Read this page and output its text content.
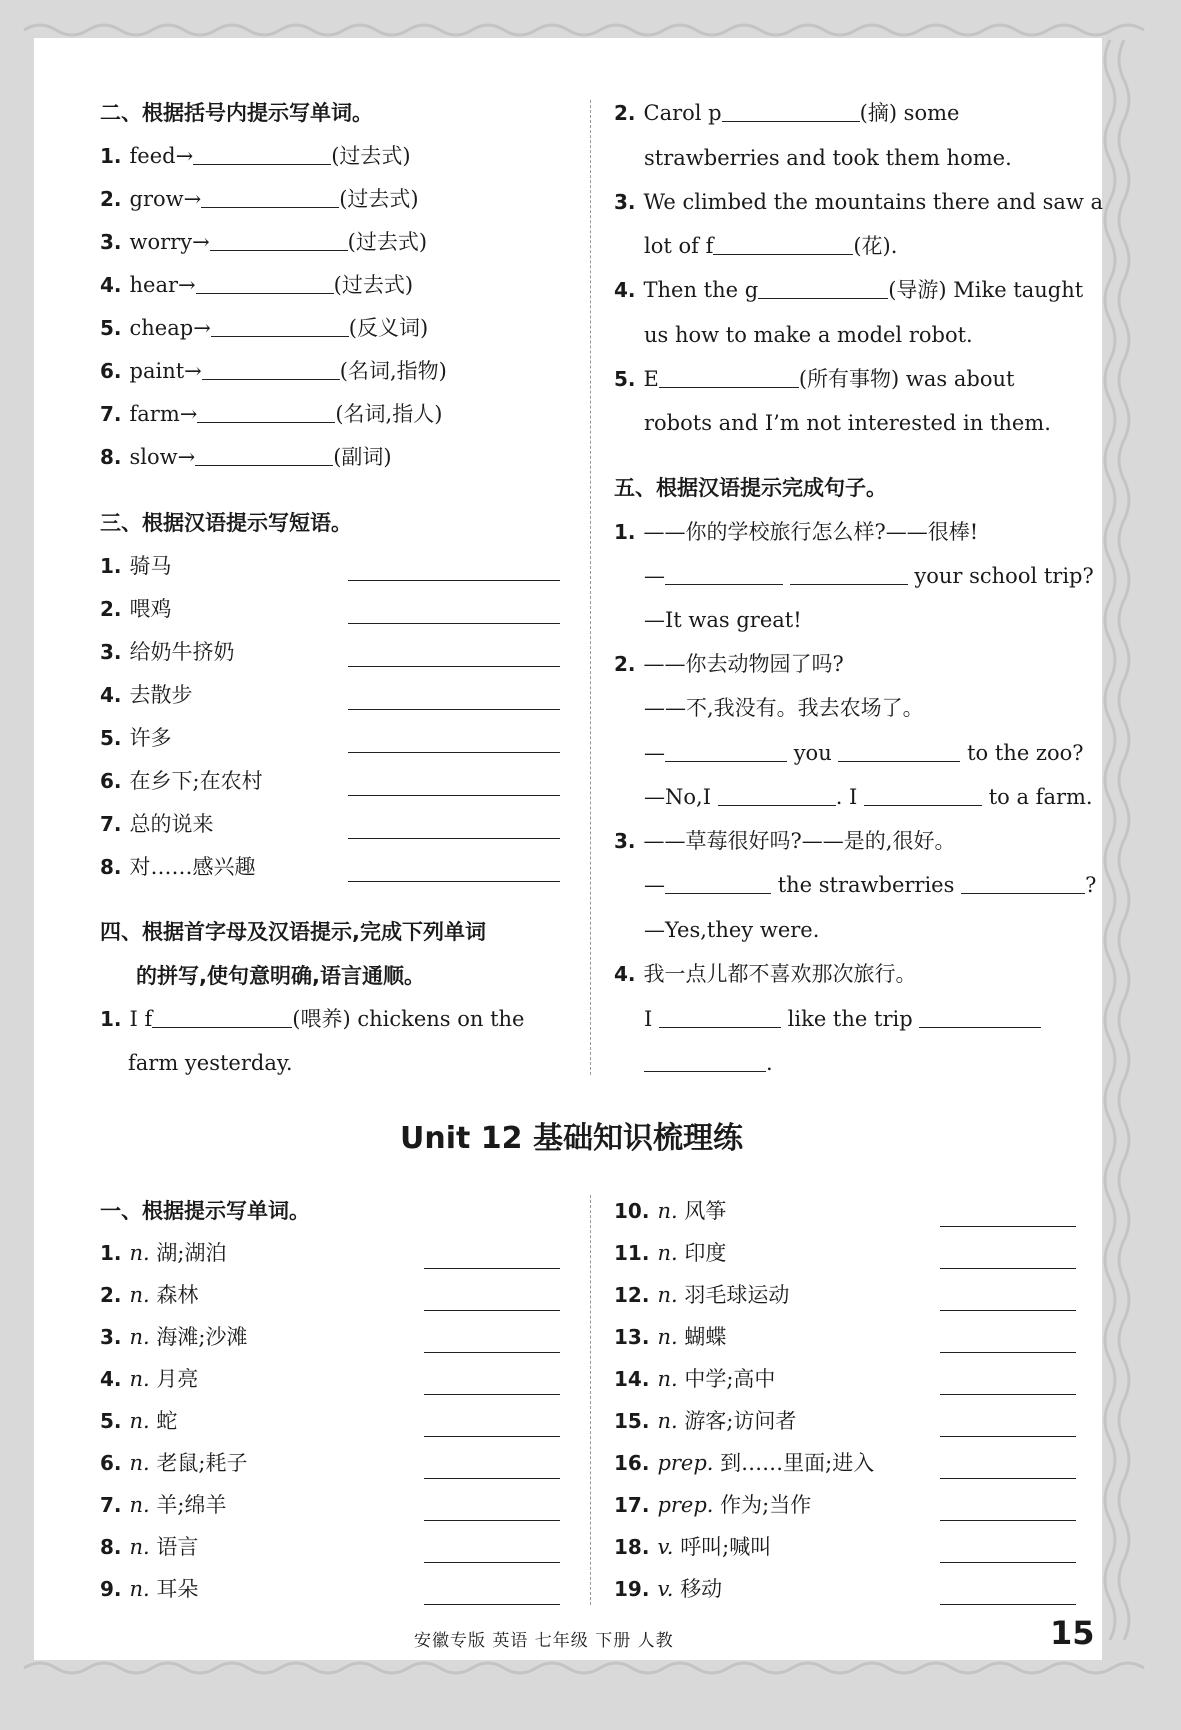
二、根据括号内提示写单词。
1. feed→	(过去式)
2. grow→	(过去式)
3. worry→	(过去式)
4. hear→	(过去式)
5. cheap→	(反义词)
6. paint→	(名词,指物)
7. farm→	(名词,指人)
8. slow→	(副词)
三、根据汉语提示写短语。
1. 骑马
2. 喂鸡
3. 给奶牛挤奶
4. 去散步
5. 许多
6. 在乡下;在农村
7. 总的说来
8. 对……感兴趣
四、根据首字母及汉语提示,完成下列单词
的拼写,使句意明确,语言通顺。
1. I f	(喂养) chickens on the
farm yesterday.
2. Carol p	(摘) some
strawberries and took them home.
3. We climbed the mountains there and saw a
lot of f	(花).
4. Then the g	(导游) Mike taught
us how to make a model robot.
5. E	(所有事物) was about
robots and I’m not interested in them.
五、根据汉语提示完成句子。
1. ——你的学校旅行怎么样?——很棒!
—	your school trip?
—It was great!
2. ——你去动物园了吗?
——不,我没有。我去农场了。
—	you	to the zoo?
—No,I	. I	to a farm.
3. ——草莓很好吗?——是的,很好。
—	the strawberries	?
—Yes,they were.
4. 我一点儿都不喜欢那次旅行。
I	like the trip
.
Unit 12 基础知识梳理练
一、根据提示写单词。
1. n. 湖;湖泊
2. n. 森林
3. n. 海滩;沙滩
4. n. 月亮
5. n. 蛇
6. n. 老鼠;耗子
7. n. 羊;绵羊
8. n. 语言
9. n. 耳朵
10. n. 风筝
11. n. 印度
12. n. 羽毛球运动
13. n. 蝴蝶
14. n. 中学;高中
15. n. 游客;访问者
16. prep. 到……里面;进入
17. prep. 作为;当作
18. v. 呼叫;喊叫
19. v. 移动
安徽专版 英语 七年级 下册 人教	15
